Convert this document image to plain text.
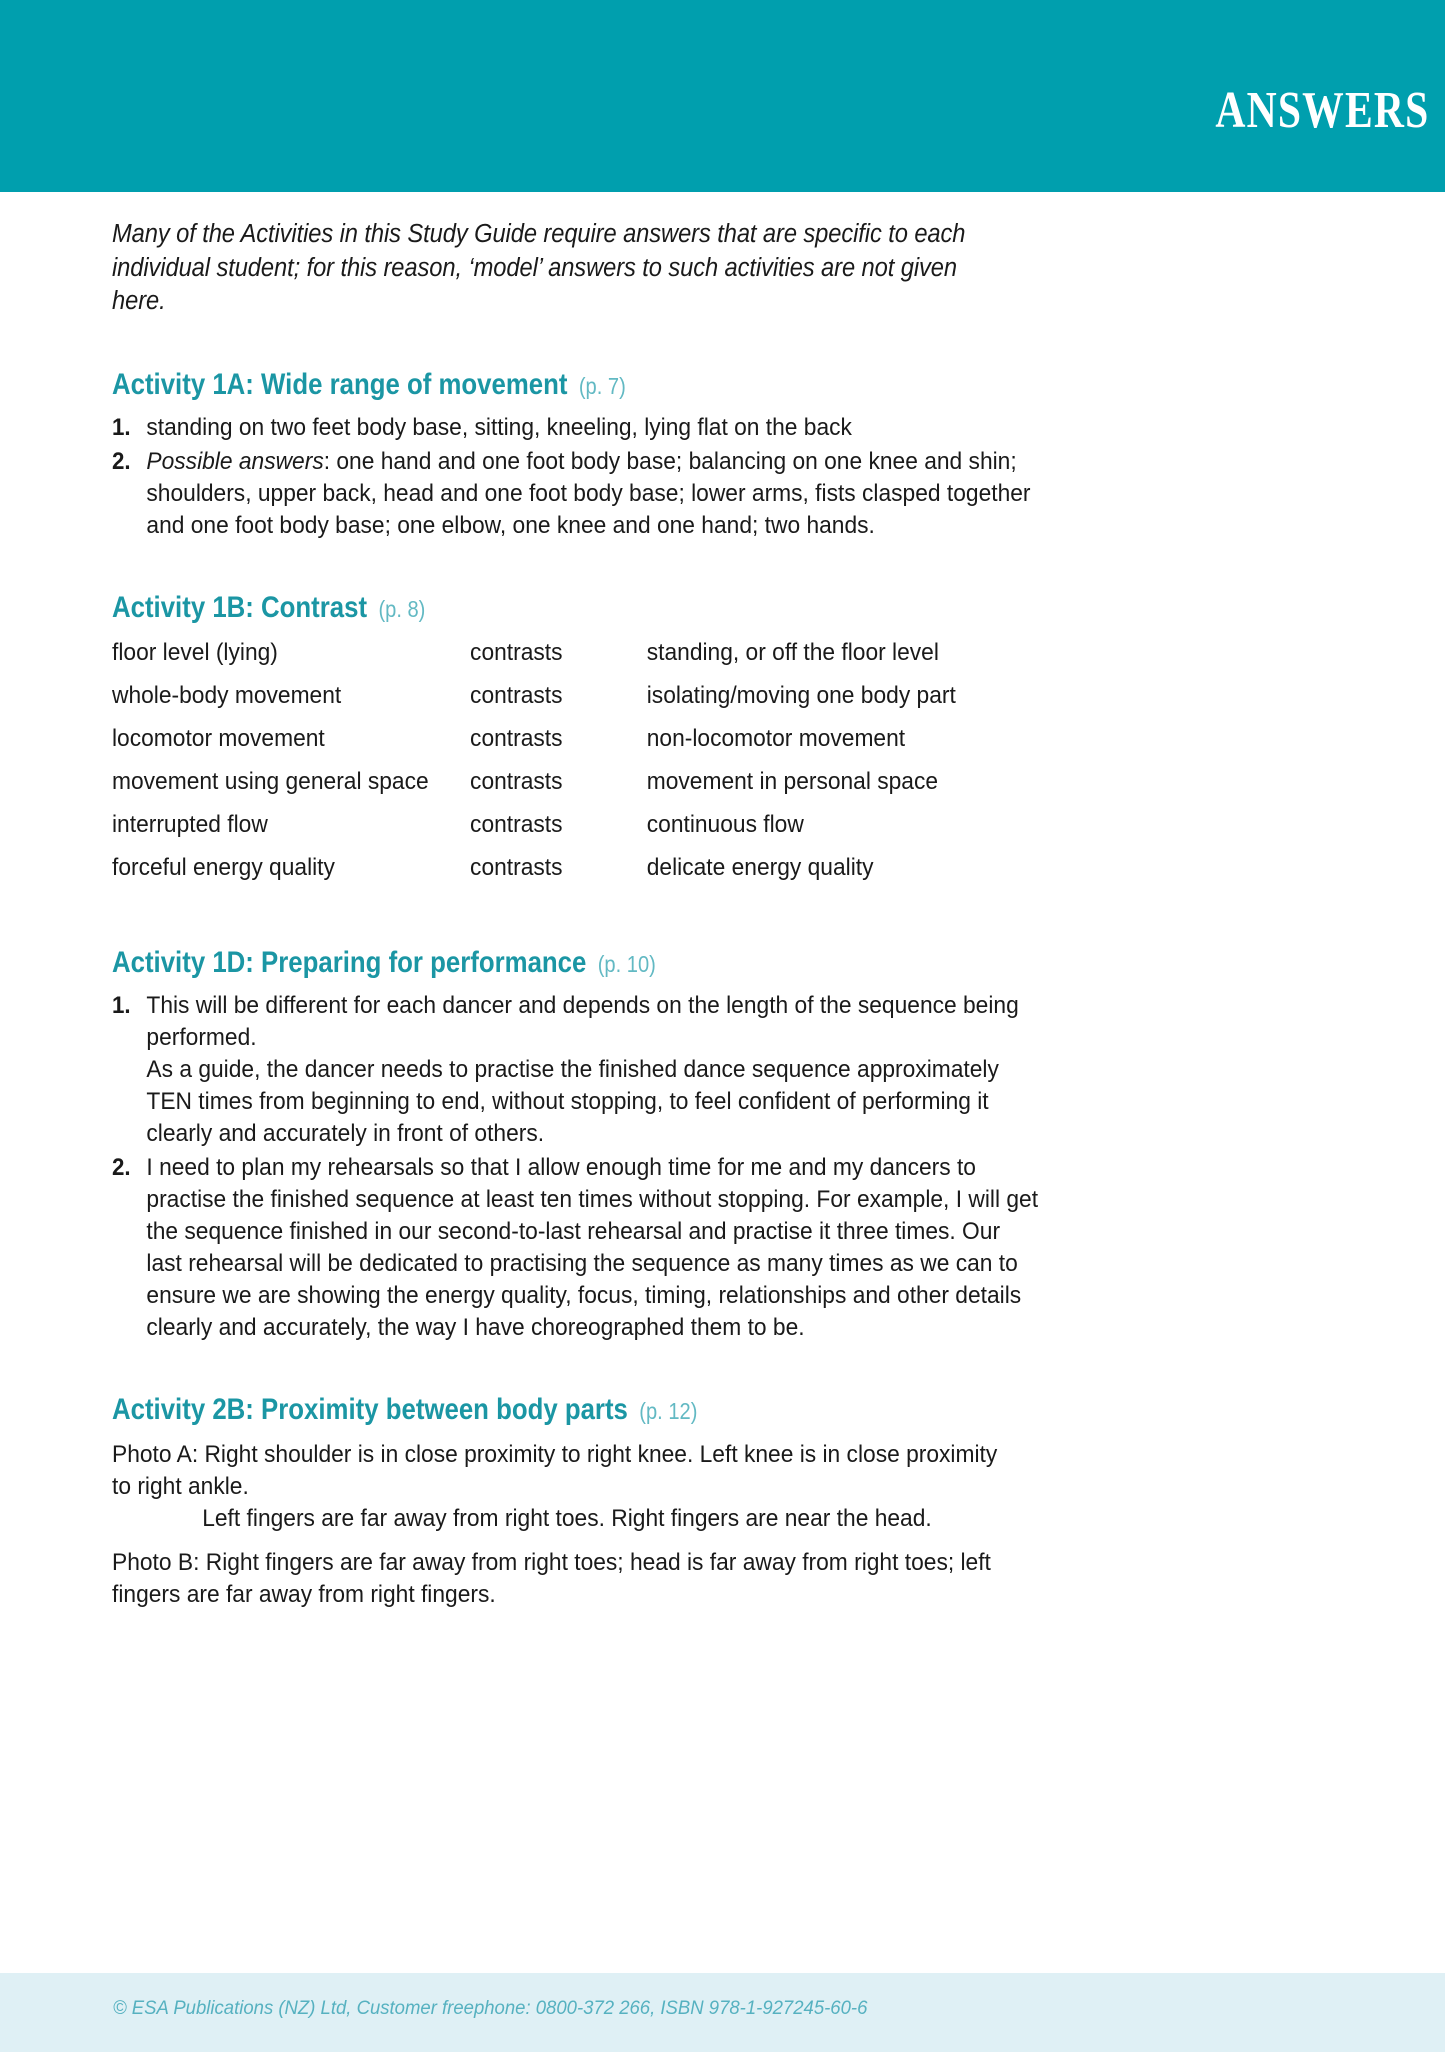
ANSWERS

Many of the Activities in this Study Guide require answers that are specific to each individual student; for this reason, ‘model’ answers to such activities are not given here.

Activity 1A: Wide range of movement (p. 7)
1. standing on two feet body base, sitting, kneeling, lying flat on the back
2. Possible answers: one hand and one foot body base; balancing on one knee and shin; shoulders, upper back, head and one foot body base; lower arms, fists clasped together and one foot body base; one elbow, one knee and one hand; two hands.
Activity 1B: Contrast (p. 8)
floor level (lying)	contrasts	standing, or off the floor level
whole-body movement	contrasts	isolating/moving one body part
locomotor movement	contrasts	non-locomotor movement
movement using general space	contrasts	movement in personal space
interrupted flow	contrasts	continuous flow
forceful energy quality	contrasts	delicate energy quality
Activity 1D: Preparing for performance (p. 10)
1. This will be different for each dancer and depends on the length of the sequence being performed.
As a guide, the dancer needs to practise the finished dance sequence approximately TEN times from beginning to end, without stopping, to feel confident of performing it clearly and accurately in front of others.
2. I need to plan my rehearsals so that I allow enough time for me and my dancers to practise the finished sequence at least ten times without stopping. For example, I will get the sequence finished in our second-to-last rehearsal and practise it three times. Our last rehearsal will be dedicated to practising the sequence as many times as we can to ensure we are showing the energy quality, focus, timing, relationships and other details clearly and accurately, the way I have choreographed them to be.
Activity 2B: Proximity between body parts (p. 12)
Photo A: Right shoulder is in close proximity to right knee. Left knee is in close proximity to right ankle.
Left fingers are far away from right toes. Right fingers are near the head.
Photo B: Right fingers are far away from right toes; head is far away from right toes; left fingers are far away from right fingers.
© ESA Publications (NZ) Ltd, Customer freephone: 0800-372 266, ISBN 978-1-927245-60-6
